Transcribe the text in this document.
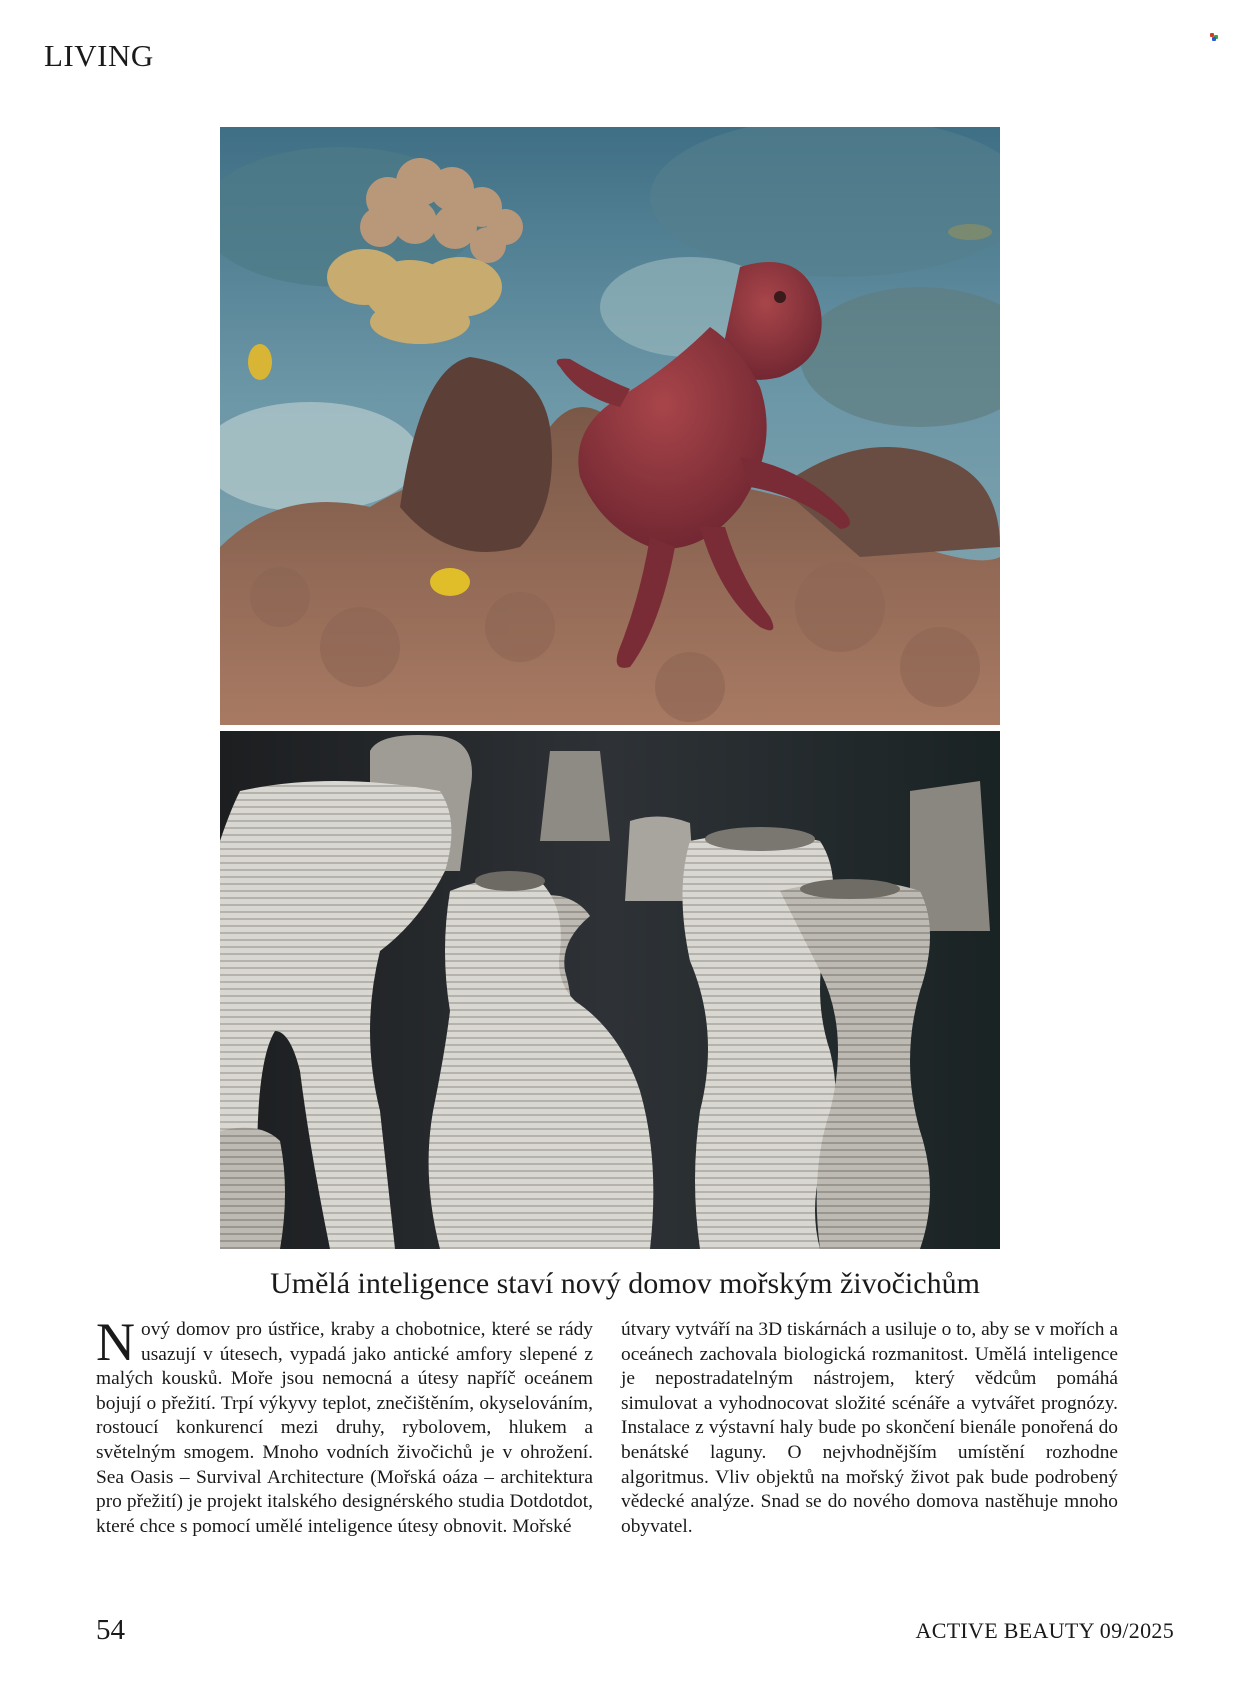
LIVING
Umělá inteligence staví nový domov mořským živočichům

Nový domov pro ústřice, kraby a chobotnice, které se rády usazují v útesech, vypadá jako antické amfory slepené z malých kousků. Moře jsou nemocná a útesy napříč oceánem bojují o přežití. Trpí výkyvy teplot, znečištěním, okyselováním, rostoucí konkurencí mezi druhy, rybolovem, hlukem a světelným smogem. Mnoho vodních živočichů je v ohrožení. Sea Oasis – Survival Architecture (Mořská oáza – architektura pro přežití) je projekt italského designérského studia Dotdotdot, které chce s pomocí umělé inteligence útesy obnovit. Mořské

útvary vytváří na 3D tiskárnách a usiluje o to, aby se v mořích a oceánech zachovala biologická rozmanitost. Umělá inteligence je nepostradatelným nástrojem, který vědcům pomáhá simulovat a vyhodnocovat složité scénáře a vytvářet prognózy. Instalace z výstavní haly bude po skončení bienále ponořená do benátské laguny. O nejvhodnějším umístění rozhodne algoritmus. Vliv objektů na mořský život pak bude podrobený vědecké analýze. Snad se do nového domova nastěhuje mnoho obyvatel.

54	ACTIVE BEAUTY 09/2025
